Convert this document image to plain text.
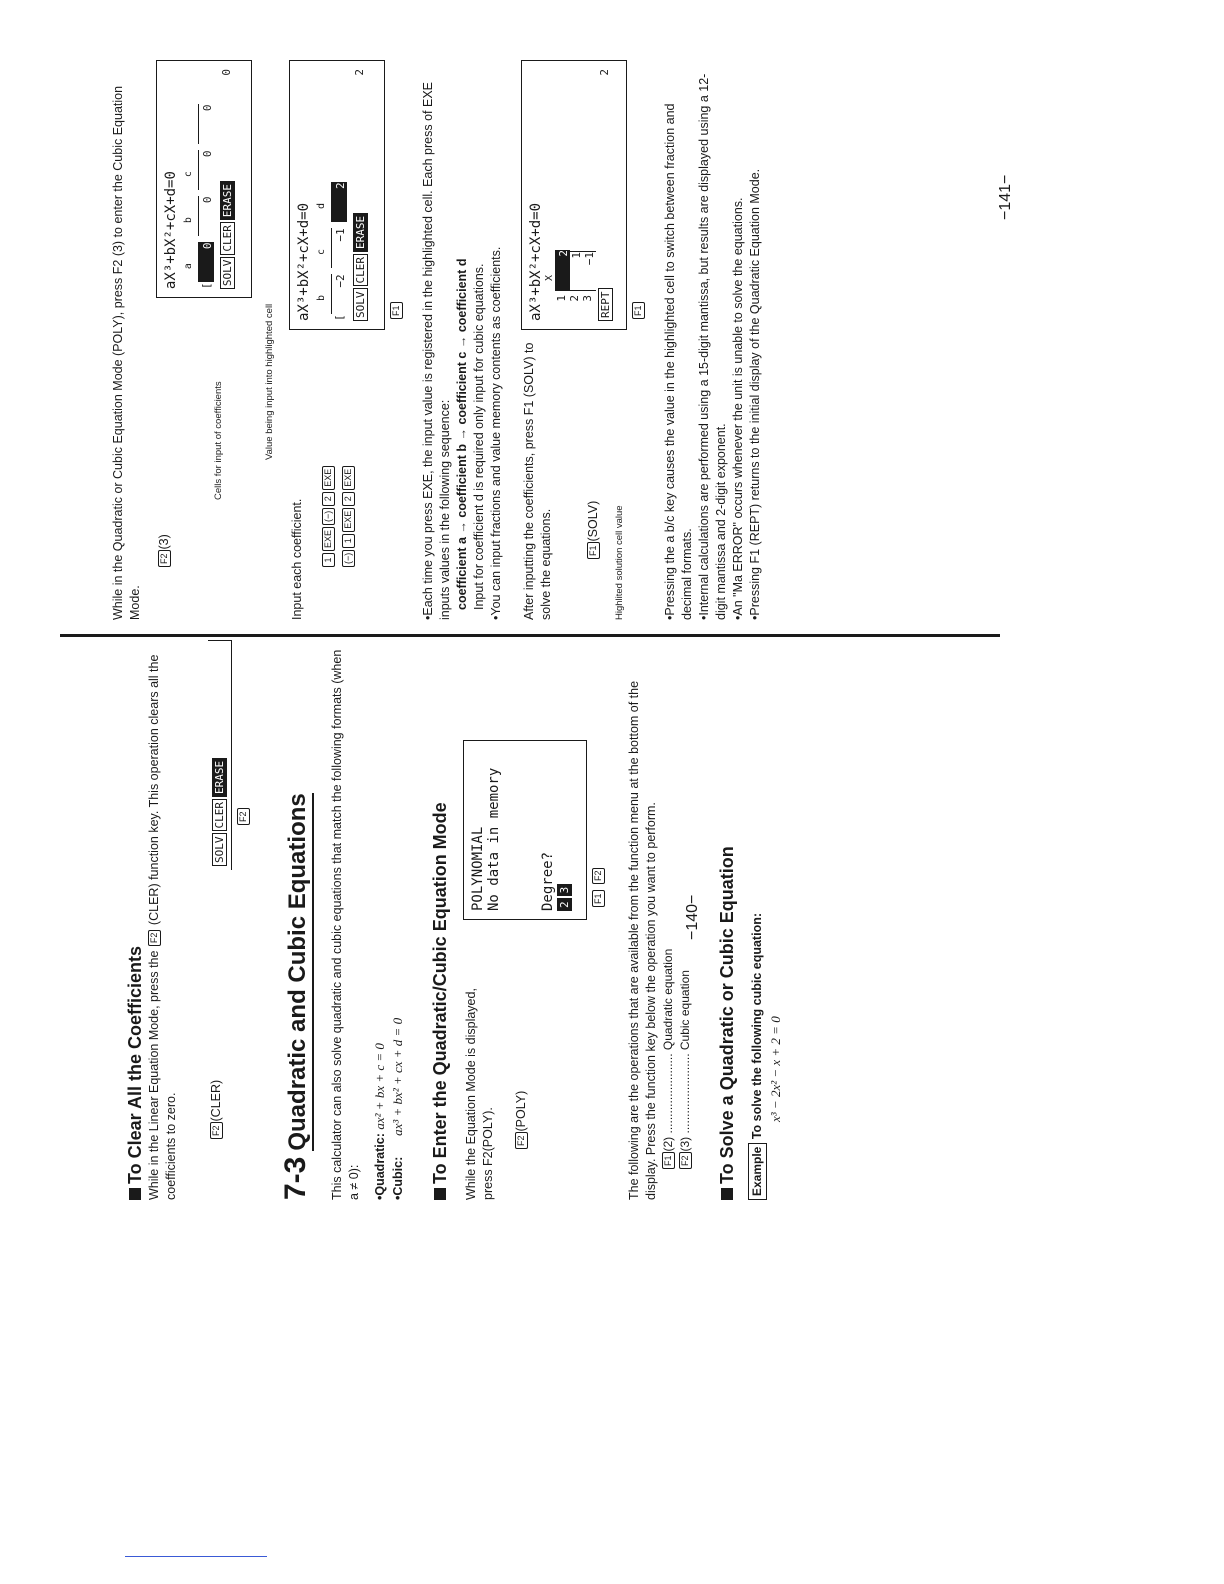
To Clear All the Coefficients While in the Linear Equation Mode, press the F2 (CLER) function key. This operation clears all the coefficients to zero.	F2(CLER)
SOLVCLERERASE
F2
7-3Quadratic and Cubic Equations This calculator can also solve quadratic and cubic equations that match the following formats (when a ≠ 0): •Quadratic: ax² + bx + c = 0
•Cubic:      ax³ + bx² + cx + d = 0 To Enter the Quadratic/Cubic Equation Mode While the Equation Mode is displayed, press F2(POLY).	F2(POLY)
POLYNOMIAL No data in memory	Degree? 23
F1 F2	The following are the operations that are available from the function menu at the bottom of the display. Press the function key below the operation you want to perform. F1(2) ........................ Quadratic equation
F2(3) ........................ Cubic equation To Solve a Quadratic or Cubic Equation Example To solve the following cubic equation: x³ − 2x² − x + 2 = 0
−140−
While in the Quadratic or Cubic Equation Mode (POLY), press F2 (3) to enter the Cubic Equation Mode.
F2(3)
Cells for input of coefficients	Value being input into highlighted cell
aX³+bX²+cX+d=0 a
b
c
[
0
0
0
0
SOLVCLERERASE
0
Input each coefficient.	1EXE(−)2EXE
(−)1EXE2EXE
aX³+bX²+cX+d=0 b
c
d
[
−2
−1
2
SOLVCLERERASE
2
F1	•Each time you press EXE, the input value is registered in the highlighted cell. Each press of EXE inputs values in the following sequence: coefficient a → coefficient b → coefficient c → coefficient d Input for coefficient d is required only input for cubic equations. •You can input fractions and value memory contents as coefficients. After inputting the coefficients, press F1 (SOLV) to solve the equations.	F1(SOLV) Highlited solution cell value
aX³+bX²+cX+d=0 X
1 2 3
2 1 −1
REPT
2
F1	•Pressing the a b/c key causes the value in the highlighted cell to switch between fraction and decimal formats. •Internal calculations are performed using a 15-digit mantissa, but results are displayed using a 12-digit mantissa and 2-digit exponent. •An "Ma ERROR" occurs whenever the unit is unable to solve the equations. •Pressing F1 (REPT) returns to the initial display of the Quadratic Equation Mode.	−141−
